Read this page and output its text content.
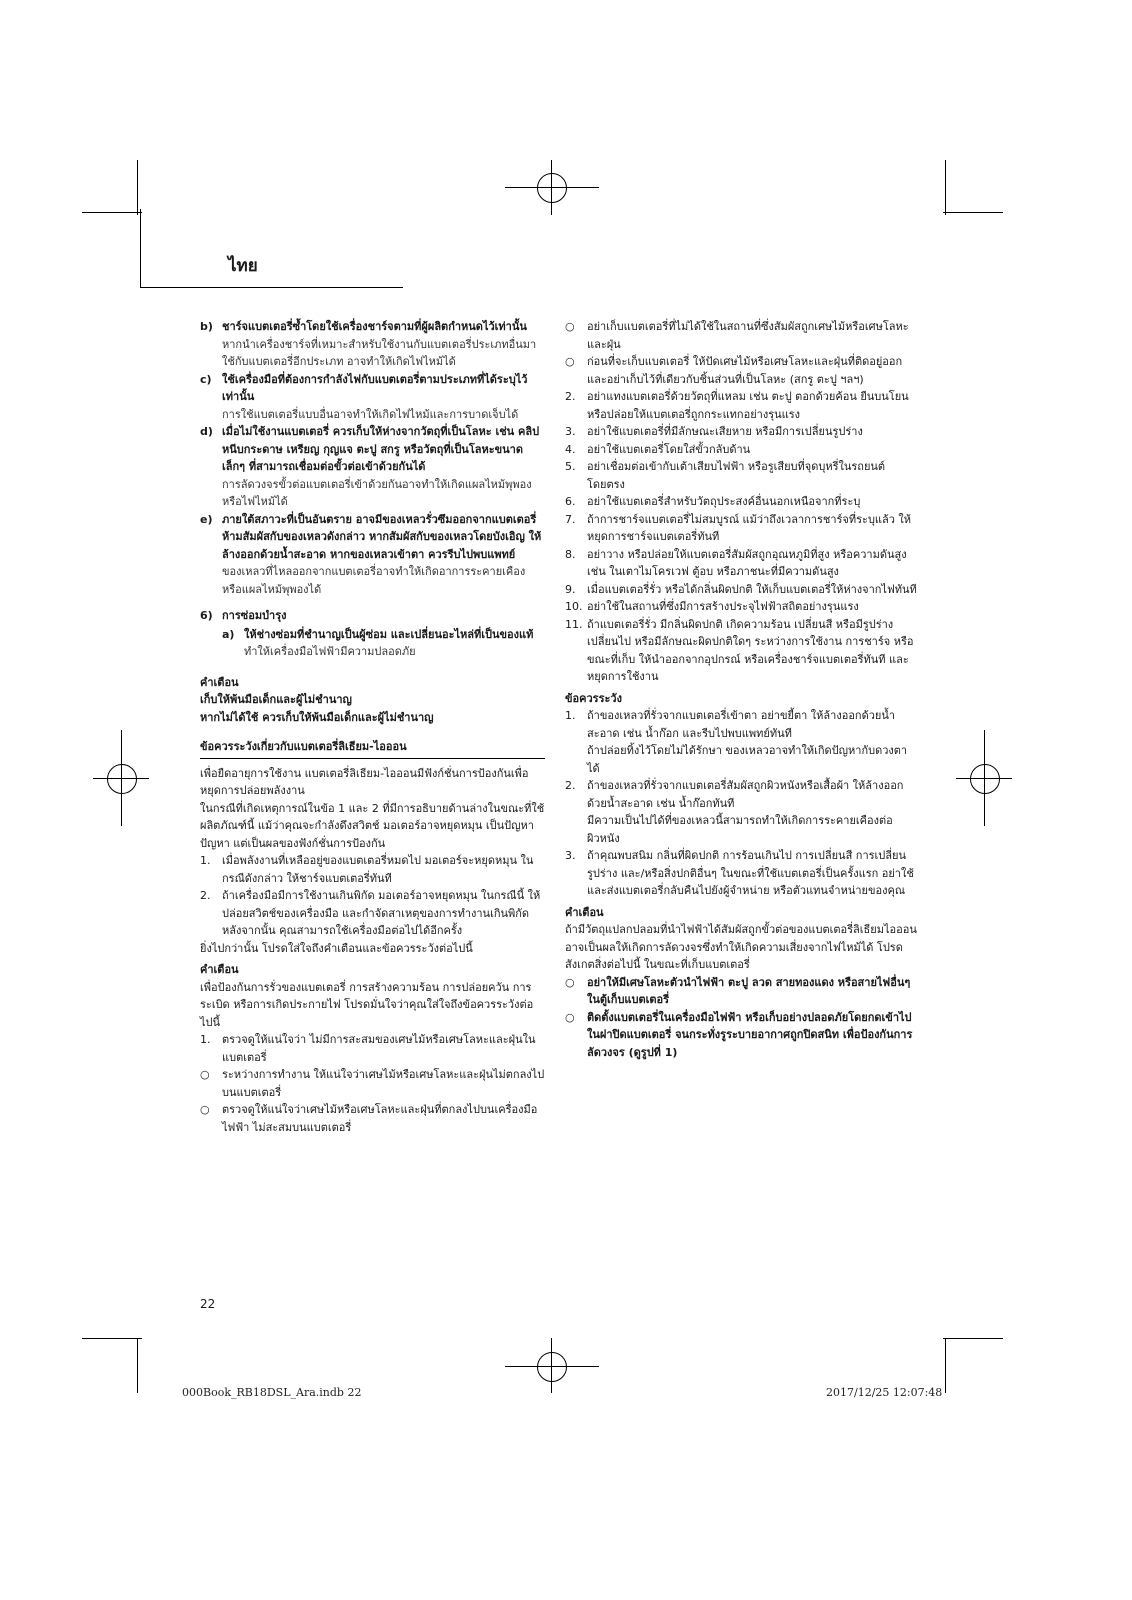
ไทย
b) ชาร์จแบตเตอรี่ซ้ำโดยใช้เครื่องชาร์จตามที่ผู้ผลิตกำหนดไว้เท่านั้น
หากนำเครื่องชาร์จที่เหมาะสำหรับใช้งานกับแบตเตอรี่ประเภทอื่นมาใช้กับแบตเตอรี่อีกประเภท อาจทำให้เกิดไฟไหม้ได้
c) ใช้เครื่องมือที่ต้องการกำลังไฟกับแบตเตอรี่ตามประเภทที่ได้ระบุไว้เท่านั้น
การใช้แบตเตอรี่แบบอื่นอาจทำให้เกิดไฟไหม้และการบาดเจ็บได้
d) เมื่อไม่ใช้งานแบตเตอรี่ ควรเก็บให้ห่างจากวัตถุที่เป็นโลหะ เช่น คลิปหนีบกระดาษ เหรียญ กุญแจ ตะปู สกรู หรือวัตถุที่เป็นโลหะขนาดเล็กๆ ที่สามารถเชื่อมต่อขั้วต่อเข้าด้วยกันได้
การลัดวงจรขั้วต่อแบตเตอรี่เข้าด้วยกันอาจทำให้เกิดแผลไหม้พุพองหรือไฟไหม้ได้
e) ภายใต้สภาวะที่เป็นอันตราย อาจมีของเหลวรั่วซึมออกจากแบตเตอรี่ ห้ามสัมผัสกับของเหลวดังกล่าว หากสัมผัสกับของเหลวโดยบังเอิญ ให้ล้างออกด้วยน้ำสะอาด หากของเหลวเข้าตา ควรรีบไปพบแพทย์
ของเหลวที่ไหลออกจากแบตเตอรี่อาจทำให้เกิดอาการระคายเคืองหรือแผลไหม้พุพองได้
6) การซ่อมบำรุง
a) ให้ช่างซ่อมที่ชำนาญเป็นผู้ซ่อม และเปลี่ยนอะไหล่ที่เป็นของแท้
ทำให้เครื่องมือไฟฟ้ามีความปลอดภัย
คำเตือน
เก็บให้พ้นมือเด็กและผู้ไม่ชำนาญ
หากไม่ได้ใช้ ควรเก็บให้พ้นมือเด็กและผู้ไม่ชำนาญ
ข้อควรระวังเกี่ยวกับแบตเตอรี่ลิเธียม-ไอออน
เพื่อยืดอายุการใช้งาน แบตเตอรี่ลิเธียม-ไอออนมีฟังก์ชั่นการป้องกันเพื่อหยุดการปล่อยพลังงาน
ในกรณีที่เกิดเหตุการณ์ในข้อ 1 และ 2 ที่มีการอธิบายด้านล่างในขณะที่ใช้ผลิตภัณฑ์นี้ แม้ว่าคุณจะกำลังดึงสวิตช์ มอเตอร์อาจหยุดหมุน เป็นปัญหาปัญหา แต่เป็นผลของฟังก์ชั่นการป้องกัน
1.	เมื่อพลังงานที่เหลืออยู่ของแบตเตอรี่หมดไป มอเตอร์จะหยุดหมุน ในกรณีดังกล่าว ให้ชาร์จแบตเตอรี่ทันที
2.	ถ้าเครื่องมือมีการใช้งานเกินพิกัด มอเตอร์อาจหยุดหมุน ในกรณีนี้ ให้ปล่อยสวิตช์ของเครื่องมือ และกำจัดสาเหตุของการทำงานเกินพิกัด หลังจากนั้น คุณสามารถใช้เครื่องมือต่อไปได้อีกครั้ง
ยิ่งไปกว่านั้น โปรดใส่ใจถึงคำเตือนและข้อควรระวังต่อไปนี้
คำเตือน
เพื่อป้องกันการรั่วของแบตเตอรี่ การสร้างความร้อน การปล่อยควัน การระเบิด หรือการเกิดประกายไฟ โปรดมั่นใจว่าคุณใส่ใจถึงข้อควรระวังต่อไปนี้
1.	ตรวจดูให้แน่ใจว่า ไม่มีการสะสมของเศษไม้หรือเศษโลหะและฝุ่นในแบตเตอรี่
○	ระหว่างการทำงาน ให้แน่ใจว่าเศษไม้หรือเศษโลหะและฝุ่นไม่ตกลงไปบนแบตเตอรี่
○	ตรวจดูให้แน่ใจว่าเศษไม้หรือเศษโลหะและฝุ่นที่ตกลงไปบนเครื่องมือไฟฟ้า ไม่สะสมบนแบตเตอรี่
○	อย่าเก็บแบตเตอรี่ที่ไม่ได้ใช้ในสถานที่ซึ่งสัมผัสถูกเศษไม้หรือเศษโลหะและฝุ่น
○	ก่อนที่จะเก็บแบตเตอรี่ ให้ปัดเศษไม้หรือเศษโลหะและฝุ่นที่ติดอยู่ออก และอย่าเก็บไว้ที่เดียวกับชิ้นส่วนที่เป็นโลหะ (สกรู ตะปู ฯลฯ)
2.	อย่าแทงแบตเตอรี่ด้วยวัตถุที่แหลม เช่น ตะปู ตอกด้วยค้อน ยืนบนโยน หรือปล่อยให้แบตเตอรี่ถูกกระแทกอย่างรุนแรง
3.	อย่าใช้แบตเตอรี่ที่มีลักษณะเสียหาย หรือมีการเปลี่ยนรูปร่าง
4.	อย่าใช้แบตเตอรี่โดยใส่ขั้วกลับด้าน
5.	อย่าเชื่อมต่อเข้ากับเต้าเสียบไฟฟ้า หรือรูเสียบที่จุดบุหรี่ในรถยนต์โดยตรง
6.	อย่าใช้แบตเตอรี่สำหรับวัตถุประสงค์อื่นนอกเหนือจากที่ระบุ
7.	ถ้าการชาร์จแบตเตอรี่ไม่สมบูรณ์ แม้ว่าถึงเวลาการชาร์จที่ระบุแล้ว ให้หยุดการชาร์จแบตเตอรี่ทันที
8.	อย่าวาง หรือปล่อยให้แบตเตอรี่สัมผัสถูกอุณหภูมิที่สูง หรือความดันสูง เช่น ในเตาไมโครเวฟ ตู้อบ หรือภาชนะที่มีความดันสูง
9.	เมื่อแบตเตอรี่รั่ว หรือได้กลิ่นผิดปกติ ให้เก็บแบตเตอรี่ให้ห่างจากไฟทันที
10. อย่าใช้ในสถานที่ซึ่งมีการสร้างประจุไฟฟ้าสถิตอย่างรุนแรง
11. ถ้าแบตเตอรี่รั่ว มีกลิ่นผิดปกติ เกิดความร้อน เปลี่ยนสี หรือมีรูปร่างเปลี่ยนไป หรือมีลักษณะผิดปกติใดๆ ระหว่างการใช้งาน การชาร์จ หรือขณะที่เก็บ ให้นำออกจากอุปกรณ์ หรือเครื่องชาร์จแบตเตอรี่ทันที และหยุดการใช้งาน
ข้อควรระวัง
1.	ถ้าของเหลวที่รั่วจากแบตเตอรี่เข้าตา อย่าขยี้ตา ให้ล้างออกด้วยน้ำสะอาด เช่น น้ำก๊อก และรีบไปพบแพทย์ทันที
ถ้าปล่อยทิ้งไว้โดยไม่ได้รักษา ของเหลวอาจทำให้เกิดปัญหากับดวงตาได้
2.	ถ้าของเหลวที่รั่วจากแบตเตอรี่สัมผัสถูกผิวหนังหรือเสื้อผ้า ให้ล้างออกด้วยน้ำสะอาด เช่น น้ำก๊อกทันที
มีความเป็นไปได้ที่ของเหลวนี้สามารถทำให้เกิดการระคายเคืองต่อผิวหนัง
3.	ถ้าคุณพบสนิม กลิ่นที่ผิดปกติ การร้อนเกินไป การเปลี่ยนสี การเปลี่ยนรูปร่าง และ/หรือสิ่งปกติอื่นๆ ในขณะที่ใช้แบตเตอรี่เป็นครั้งแรก อย่าใช้ และส่งแบตเตอรี่กลับคืนไปยังผู้จำหน่าย หรือตัวแทนจำหน่ายของคุณ
คำเตือน
ถ้ามีวัตถุแปลกปลอมที่นำไฟฟ้าได้สัมผัสถูกขั้วต่อของแบตเตอรี่ลิเธียมไอออน อาจเป็นผลให้เกิดการลัดวงจรซึ่งทำให้เกิดความเสี่ยงจากไฟไหม้ได้ โปรดสังเกตสิ่งต่อไปนี้ ในขณะที่เก็บแบตเตอรี่
○	อย่าให้มีเศษโลหะตัวนำไฟฟ้า ตะปู ลวด สายทองแดง หรือสายไฟอื่นๆ ในตู้เก็บแบตเตอรี่
○	ติดตั้งแบตเตอรี่ในเครื่องมือไฟฟ้า หรือเก็บอย่างปลอดภัยโดยกดเข้าไปในฝาปิดแบตเตอรี่ จนกระทั่งรูระบายอากาศถูกปิดสนิท เพื่อป้องกันการลัดวงจร (ดูรูปที่ 1)
22
000Book_RB18DSL_Ara.indb 22	2017/12/25 12:07:48
